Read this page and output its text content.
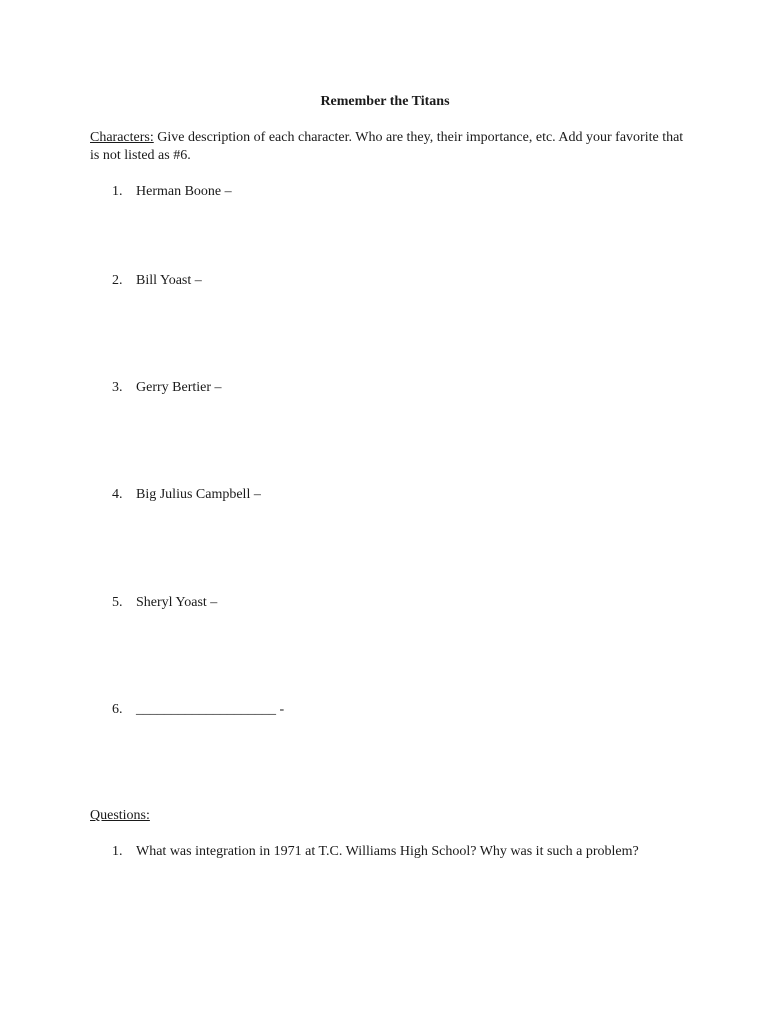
Remember the Titans
Characters: Give description of each character. Who are they, their importance, etc. Add your favorite that is not listed as #6.
1. Herman Boone –
2. Bill Yoast –
3. Gerry Bertier –
4. Big Julius Campbell –
5. Sheryl Yoast –
6. ____________________ -
Questions:
1. What was integration in 1971 at T.C. Williams High School? Why was it such a problem?
